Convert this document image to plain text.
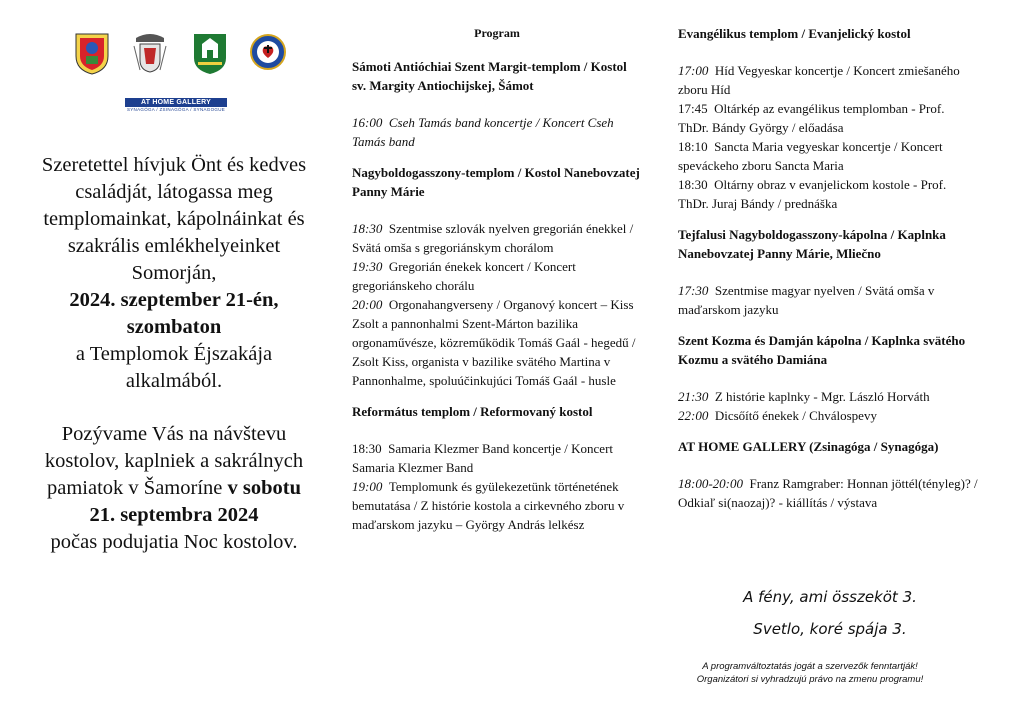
AT HOME GALLERY
SYNAGÓGA / ZSINAGÓGA / SYNAGOGUE

Szeretettel hívjuk Önt és kedves

családját, látogassa meg

templomainkat, kápolnáinkat és

szakrális emlékhelyeinket

Somorján,

2024. szeptember 21-én,

szombaton

a Templomok Éjszakája

alkalmából.

Pozývame Vás na návštevu

kostolov, kaplniek a sakrálnych

pamiatok v Šamoríne v sobotu

21. septembra 2024

počas podujatia Noc kostolov.

Program
Sámoti Antióchiai Szent Margit-templom / Kostol sv. Margity Antiochijskej, Šámot
16:00 Cseh Tamás band koncertje / Koncert Cseh Tamás band
Nagyboldogasszony-templom / Kostol Nanebovzatej Panny Márie
18:30 Szentmise szlovák nyelven gregorián énekkel / Svätá omša s gregoriánskym chorálom
19:30 Gregorián énekek koncert / Koncert gregoriánskeho chorálu
20:00 Orgonahangverseny / Organový koncert – Kiss Zsolt a pannonhalmi Szent-Márton bazilika orgonaművésze, közreműködik Tomáš Gaál - hegedű / Zsolt Kiss, organista v bazilike svätého Martina v Pannonhalme, spoluúčinkujúci Tomáš Gaál - husle
Református templom / Reformovaný kostol
18:30 Samaria Klezmer Band koncertje / Koncert Samaria Klezmer Band
19:00 Templomunk és gyülekezetünk történetének bemutatása / Z histórie kostola a cirkevného zboru v maďarskom jazyku – György András lelkész
Evangélikus templom / Evanjelický kostol
17:00 Híd Vegyeskar koncertje / Koncert zmiešaného zboru Híd
17:45 Oltárkép az evangélikus templomban - Prof. ThDr. Bándy György / előadása
18:10 Sancta Maria vegyeskar koncertje / Koncert speváckeho zboru Sancta Maria
18:30 Oltárny obraz v evanjelickom kostole - Prof. ThDr. Juraj Bándy / prednáška
Tejfalusi Nagyboldogasszony-kápolna / Kaplnka Nanebovzatej Panny Márie, Mliečno
17:30 Szentmise magyar nyelven / Svätá omša v maďarskom jazyku
Szent Kozma és Damján kápolna / Kaplnka svätého Kozmu a svätého Damiána
21:30 Z histórie kaplnky - Mgr. László Horváth
22:00 Dicsőítő énekek / Chválospevy
AT HOME GALLERY (Zsinagóga / Synagóga)
18:00-20:00 Franz Ramgraber: Honnan jöttél(tényleg)? / Odkiaľ si(naozaj)? - kiállítás / výstava
A fény, ami összeköt 3.
Svetlo, koré spája 3.
A programváltoztatás jogát a szervezők fenntartják!
Organizátori si vyhradzujú právo na zmenu programu!
